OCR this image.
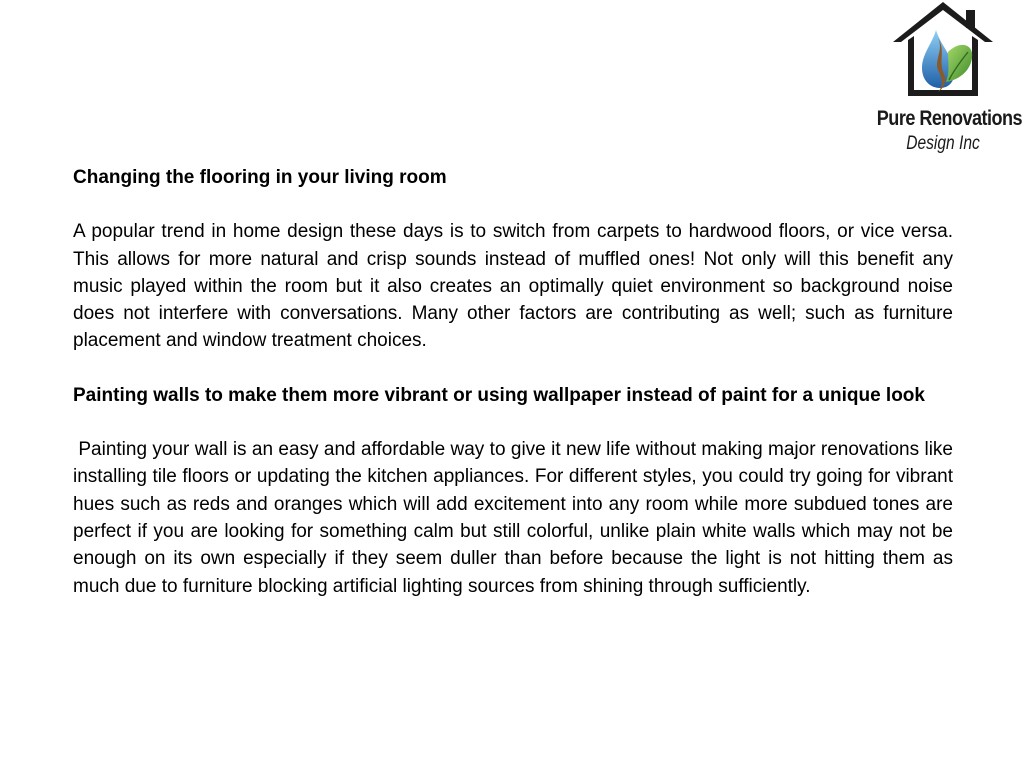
Pure Renovations
Design Inc
Changing the flooring in your living room
A popular trend in home design these days is to switch from carpets to hardwood floors, or vice versa. This allows for more natural and crisp sounds instead of muffled ones! Not only will this benefit any music played within the room but it also creates an optimally quiet environment so background noise does not interfere with conversations. Many other factors are contributing as well; such as furniture placement and window treatment choices.
Painting walls to make them more vibrant or using wallpaper instead of paint for a unique look
Painting your wall is an easy and affordable way to give it new life without making major renovations like installing tile floors or updating the kitchen appliances. For different styles, you could try going for vibrant hues such as reds and oranges which will add excitement into any room while more subdued tones are perfect if you are looking for something calm but still colorful, unlike plain white walls which may not be enough on its own especially if they seem duller than before because the light is not hitting them as much due to furniture blocking artificial lighting sources from shining through sufficiently.
